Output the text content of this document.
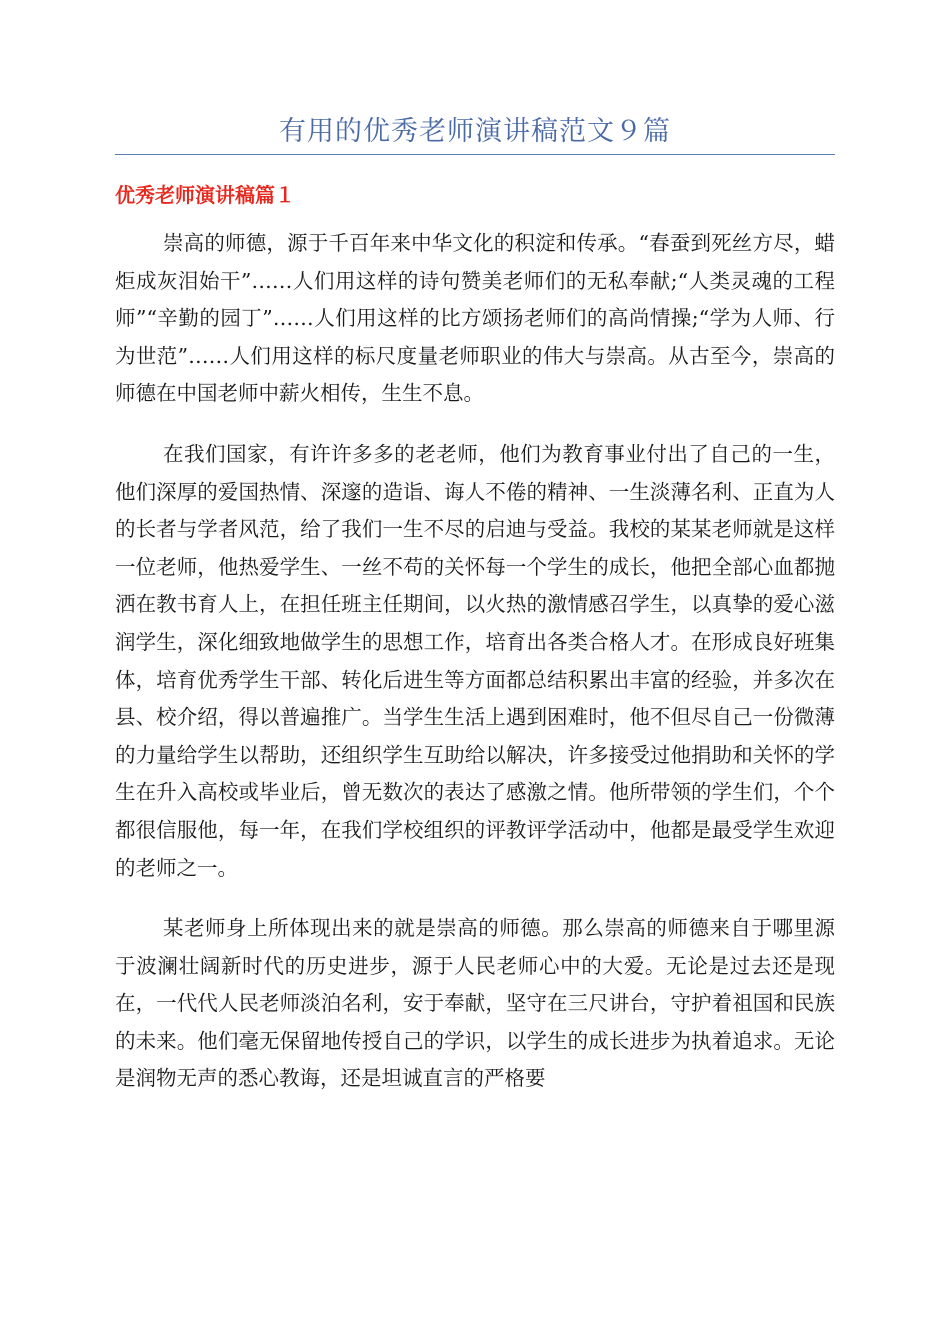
有用的优秀老师演讲稿范文９篇
优秀老师演讲稿篇１

崇高的师德，源于千百年来中华文化的积淀和传承。“春蚕到死丝方尽，蜡炬成灰泪始干”……人们用这样的诗句赞美老师们的无私奉献;“人类灵魂的工程师”“辛勤的园丁”……人们用这样的比方颂扬老师们的高尚情操;“学为人师、行为世范”……人们用这样的标尺度量老师职业的伟大与崇高。从古至今，崇高的师德在中国老师中薪火相传，生生不息。

在我们国家，有许许多多的老老师，他们为教育事业付出了自己的一生，他们深厚的爱国热情、深邃的造诣、诲人不倦的精神、一生淡薄名利、正直为人的长者与学者风范，给了我们一生不尽的启迪与受益。我校的某某老师就是这样一位老师，他热爱学生、一丝不苟的关怀每一个学生的成长，他把全部心血都抛洒在教书育人上，在担任班主任期间，以火热的激情感召学生，以真挚的爱心滋润学生，深化细致地做学生的思想工作，培育出各类合格人才。在形成良好班集体，培育优秀学生干部、转化后进生等方面都总结积累出丰富的经验，并多次在县、校介绍，得以普遍推广。当学生生活上遇到困难时，他不但尽自己一份微薄的力量给学生以帮助，还组织学生互助给以解决，许多接受过他捐助和关怀的学生在升入高校或毕业后，曾无数次的表达了感激之情。他所带领的学生们，个个都很信服他，每一年，在我们学校组织的评教评学活动中，他都是最受学生欢迎的老师之一。

某老师身上所体现出来的就是崇高的师德。那么崇高的师德来自于哪里源于波澜壮阔新时代的历史进步，源于人民老师心中的大爱。无论是过去还是现在，一代代人民老师淡泊名利，安于奉献，坚守在三尺讲台，守护着祖国和民族的未来。他们毫无保留地传授自己的学识，以学生的成长进步为执着追求。无论是润物无声的悉心教诲，还是坦诚直言的严格要
